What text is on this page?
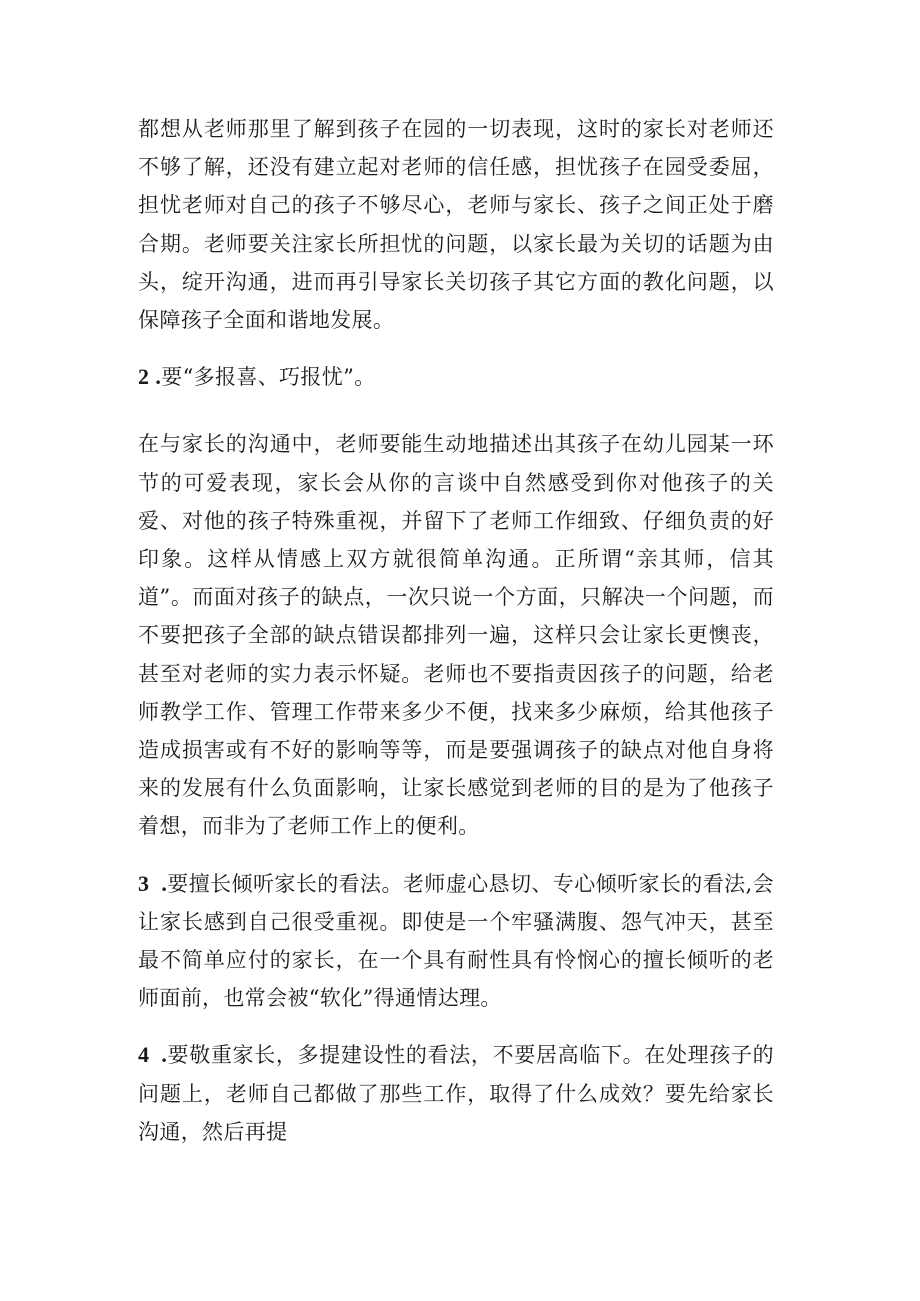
都想从老师那里了解到孩子在园的一切表现，这时的家长对老师还不够了解，还没有建立起对老师的信任感，担忧孩子在园受委屈，担忧老师对自己的孩子不够尽心，老师与家长、孩子之间正处于磨合期。老师要关注家长所担忧的问题，以家长最为关切的话题为由头，绽开沟通，进而再引导家长关切孩子其它方面的教化问题，以保障孩子全面和谐地发展。

2 .要“多报喜、巧报忧”。

在与家长的沟通中，老师要能生动地描述出其孩子在幼儿园某一环节的可爱表现，家长会从你的言谈中自然感受到你对他孩子的关爱、对他的孩子特殊重视，并留下了老师工作细致、仔细负责的好印象。这样从情感上双方就很简单沟通。正所谓“亲其师，信其道”。而面对孩子的缺点，一次只说一个方面，只解决一个问题，而不要把孩子全部的缺点错误都排列一遍，这样只会让家长更懊丧，甚至对老师的实力表示怀疑。老师也不要指责因孩子的问题，给老师教学工作、管理工作带来多少不便，找来多少麻烦，给其他孩子造成损害或有不好的影响等等，而是要强调孩子的缺点对他自身将来的发展有什么负面影响，让家长感觉到老师的目的是为了他孩子着想，而非为了老师工作上的便利。

3 .要擅长倾听家长的看法。老师虚心恳切、专心倾听家长的看法,会让家长感到自己很受重视。即使是一个牢骚满腹、怨气冲天，甚至最不简单应付的家长，在一个具有耐性具有怜悯心的擅长倾听的老师面前，也常会被“软化”得通情达理。

4 .要敬重家长，多提建设性的看法，不要居高临下。在处理孩子的问题上，老师自己都做了那些工作，取得了什么成效？要先给家长沟通，然后再提
